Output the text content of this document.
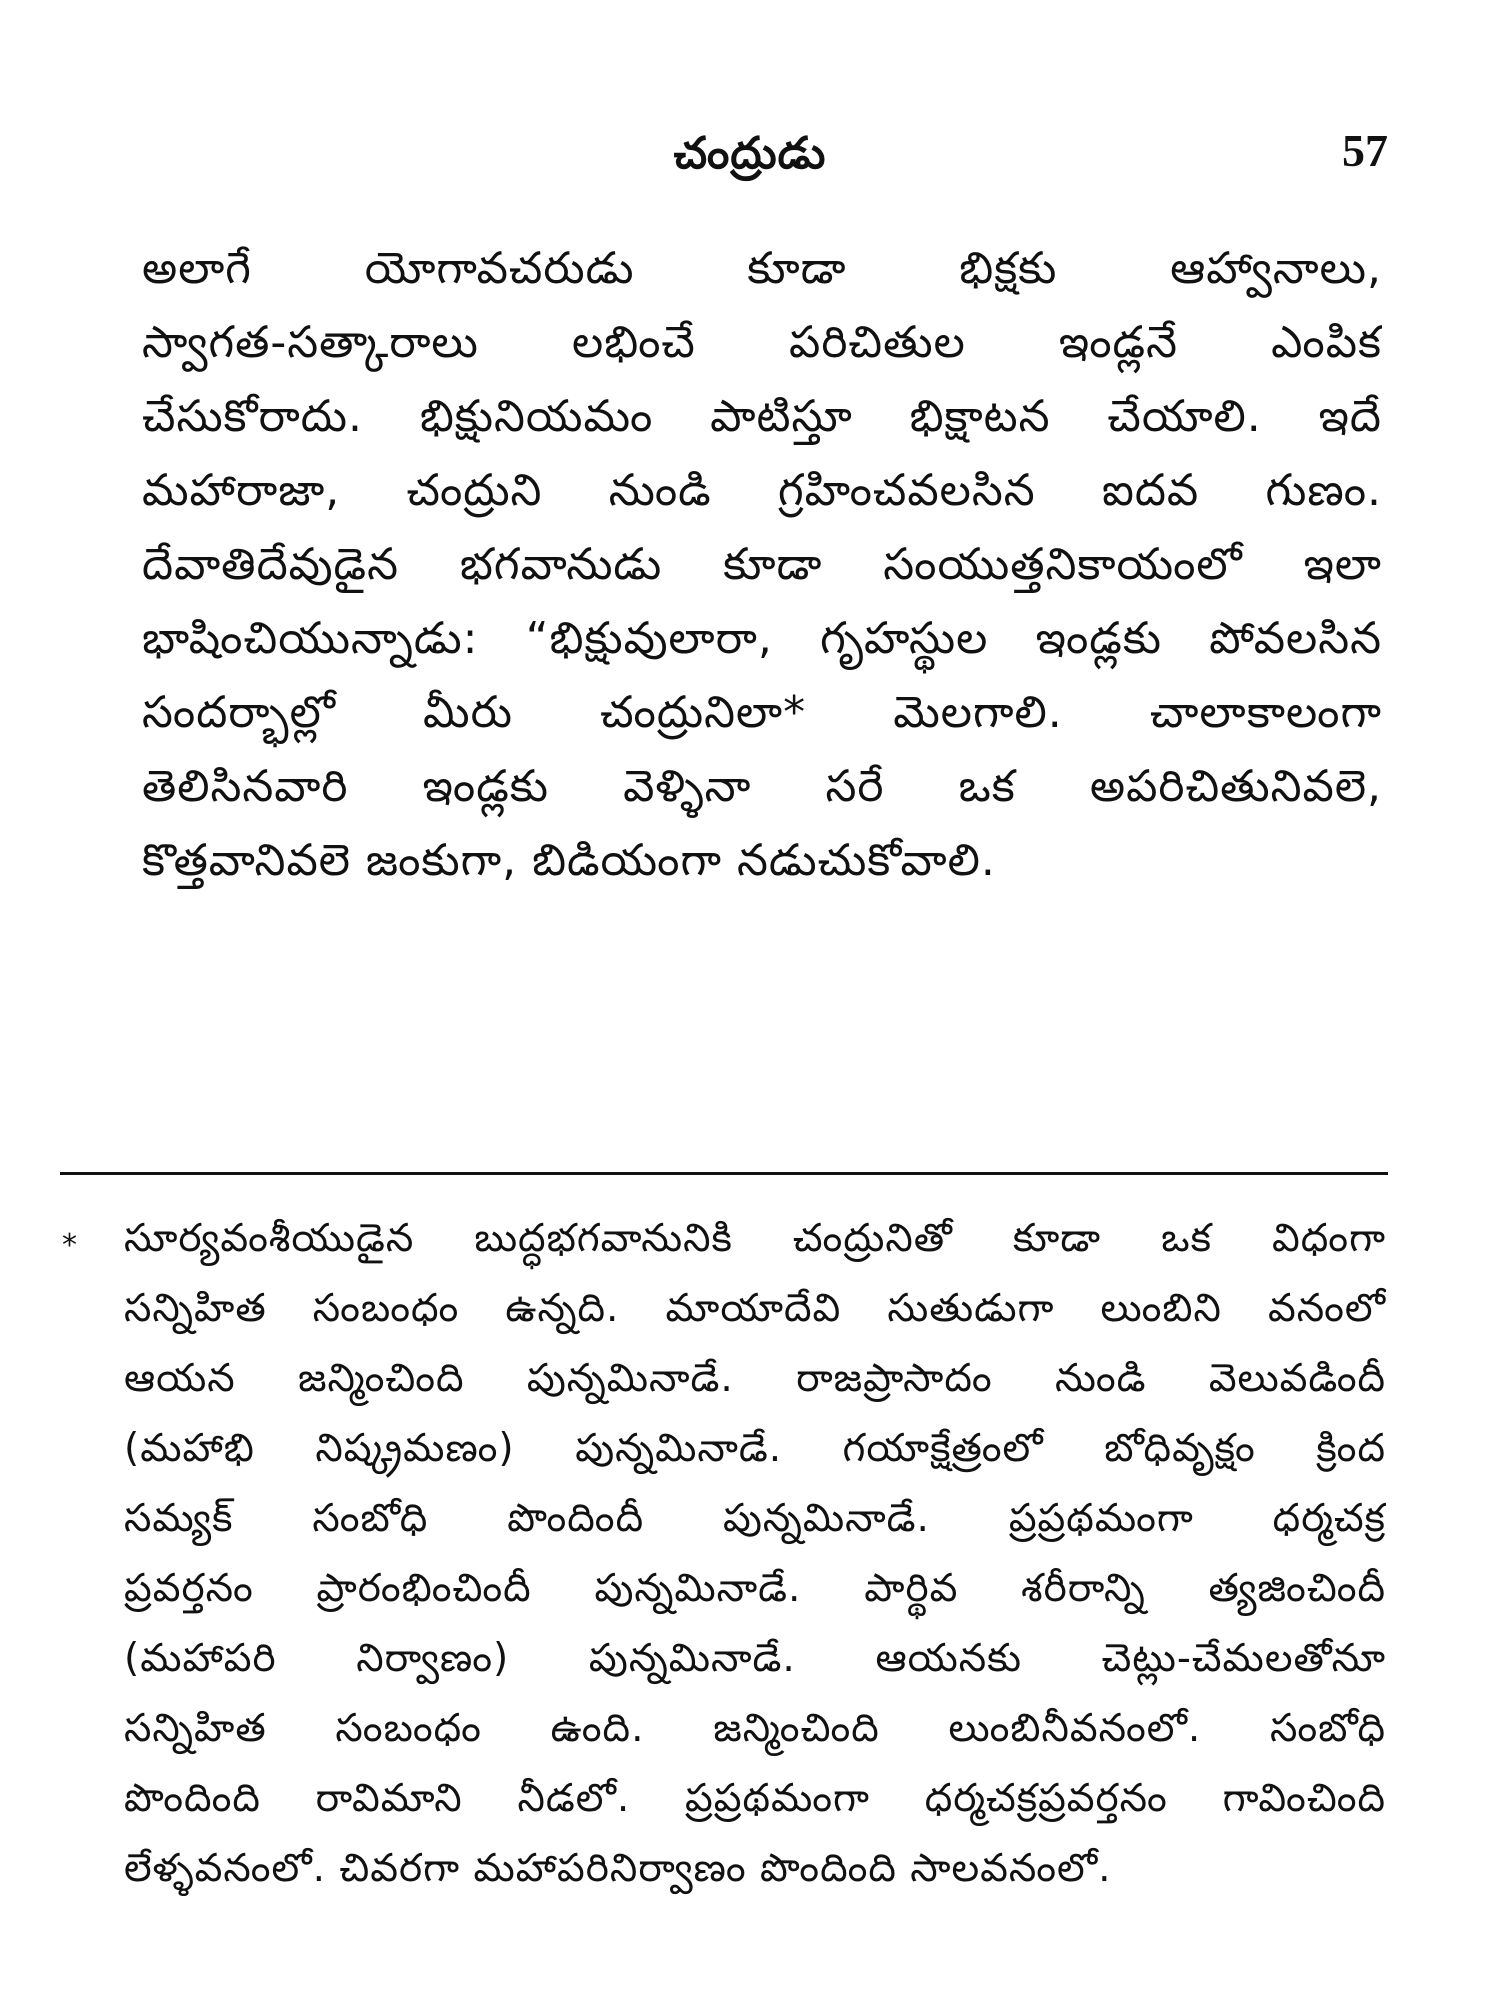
చంద్రుడు	57
అలాగే యోగావచరుడు కూడా భిక్షకు ఆహ్వానాలు,
స్వాగత-సత్కారాలు లభించే పరిచితుల ఇండ్లనే ఎంపిక
చేసుకోరాదు. భిక్షునియమం పాటిస్తూ భిక్షాటన చేయాలి. ఇదే
మహారాజా, చంద్రుని నుండి గ్రహించవలసిన ఐదవ గుణం.
దేవాతిదేవుడైన భగవానుడు కూడా సంయుత్తనికాయంలో ఇలా
భాషించియున్నాడు: “భిక్షువులారా, గృహస్థుల ఇండ్లకు పోవలసిన
సందర్భాల్లో మీరు చంద్రునిలా* మెలగాలి. చాలాకాలంగా
తెలిసినవారి ఇండ్లకు వెళ్ళినా సరే ఒక అపరిచితునివలె,
కొత్తవానివలె జంకుగా, బిడియంగా నడుచుకోవాలి.
* సూర్యవంశీయుడైన బుద్ధభగవానునికి చంద్రునితో కూడా ఒక విధంగా
సన్నిహిత సంబంధం ఉన్నది. మాయాదేవి సుతుడుగా లుంబిని వనంలో
ఆయన జన్మించింది పున్నమినాడే. రాజప్రాసాదం నుండి వెలువడిందీ
(మహాభి నిష్క్రమణం) పున్నమినాడే. గయాక్షేత్రంలో బోధివృక్షం క్రింద
సమ్యక్ సంబోధి పొందిందీ పున్నమినాడే. ప్రప్రథమంగా ధర్మచక్ర
ప్రవర్తనం ప్రారంభించిందీ పున్నమినాడే. పార్థివ శరీరాన్ని త్యజించిందీ
(మహాపరి నిర్వాణం) పున్నమినాడే. ఆయనకు చెట్లు-చేమలతోనూ
సన్నిహిత సంబంధం ఉంది. జన్మించింది లుంబినీవనంలో. సంబోధి
పొందింది రావిమాని నీడలో. ప్రప్రథమంగా ధర్మచక్రప్రవర్తనం గావించింది
లేళ్ళవనంలో. చివరగా మహాపరినిర్వాణం పొందింది సాలవనంలో.
